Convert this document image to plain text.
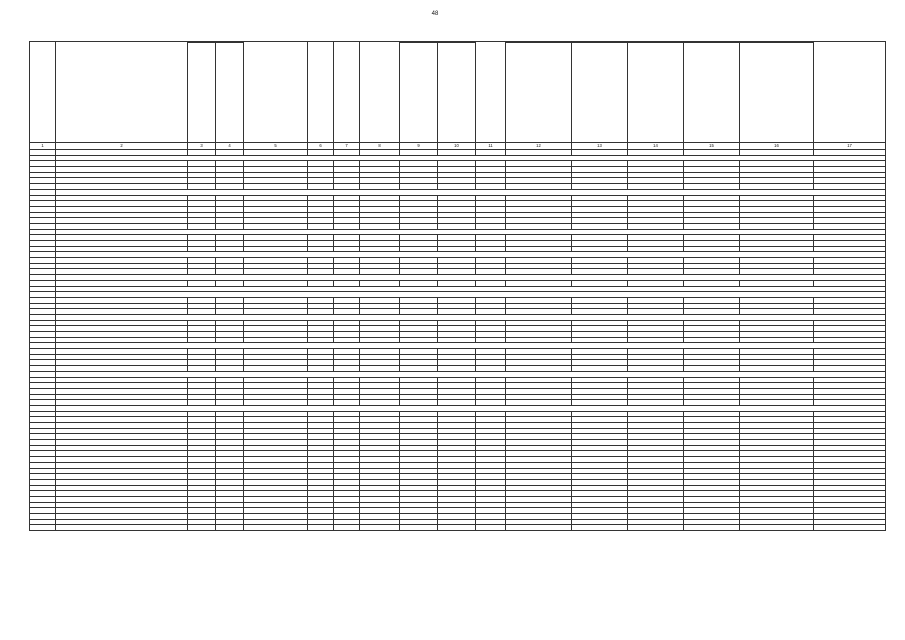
48

1	2	3	4	5	6	7	8	9	10	11	12	13	14	15	16	17
